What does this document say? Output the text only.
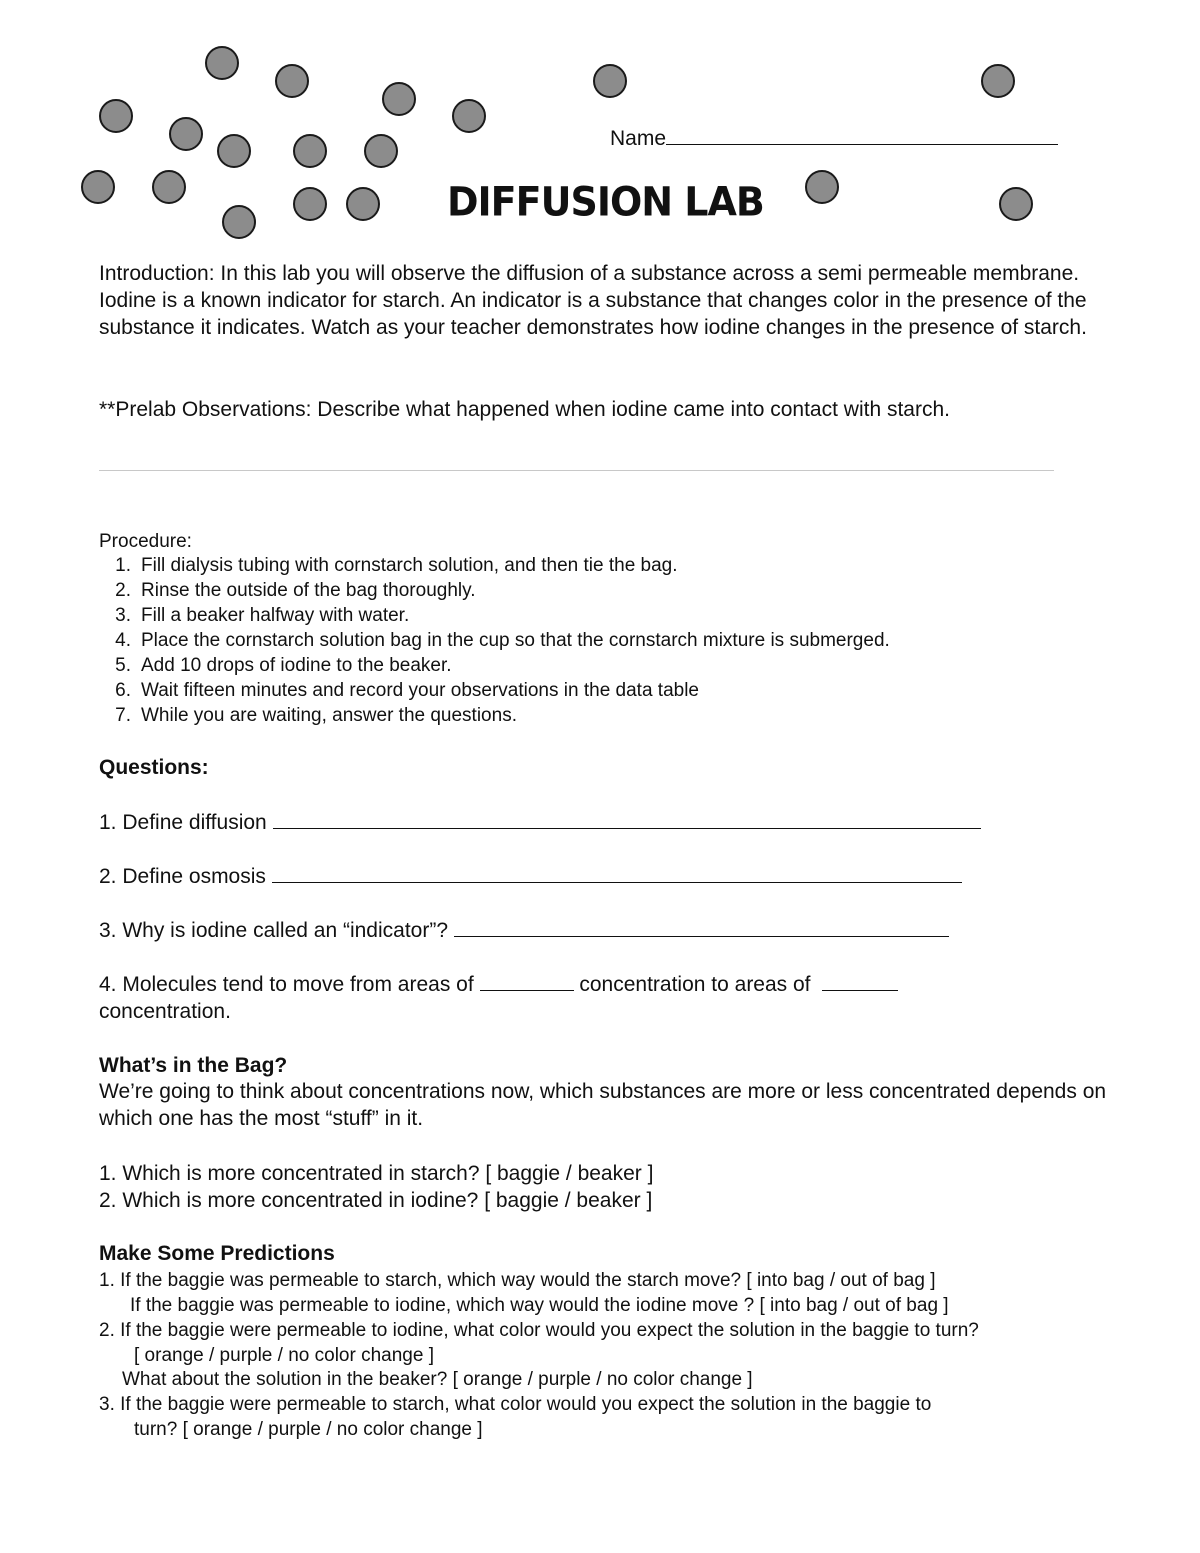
Name
DIFFUSION LAB
Introduction: In this lab you will observe the diffusion of a substance across a semi permeable membrane. Iodine is a known indicator for starch. An indicator is a substance that changes color in the presence of the substance it indicates. Watch as your teacher demonstrates how iodine changes in the presence of starch.
**Prelab Observations: Describe what happened when iodine came into contact with starch.
Procedure:
1. Fill dialysis tubing with cornstarch solution, and then tie the bag.
2. Rinse the outside of the bag thoroughly.
3. Fill a beaker halfway with water.
4. Place the cornstarch solution bag in the cup so that the cornstarch mixture is submerged.
5. Add 10 drops of iodine to the beaker.
6. Wait fifteen minutes and record your observations in the data table
7. While you are waiting, answer the questions.
Questions:
1. Define diffusion
2. Define osmosis
3. Why is iodine called an “indicator”?
4. Molecules tend to move from areas of	concentration to areas of
concentration.
What’s in the Bag?
We’re going to think about concentrations now, which substances are more or less concentrated depends on which one has the most “stuff” in it.
1. Which is more concentrated in starch? [ baggie / beaker ]
2. Which is more concentrated in iodine? [ baggie / beaker ]
Make Some Predictions
1. If the baggie was permeable to starch, which way would the starch move? [ into bag / out of bag ]
If the baggie was permeable to iodine, which way would the iodine move ? [ into bag / out of bag ]
2. If the baggie were permeable to iodine, what color would you expect the solution in the baggie to turn?
[ orange / purple / no color change ]
What about the solution in the beaker? [ orange / purple / no color change ]
3. If the baggie were permeable to starch, what color would you expect the solution in the baggie to
turn? [ orange / purple / no color change ]
